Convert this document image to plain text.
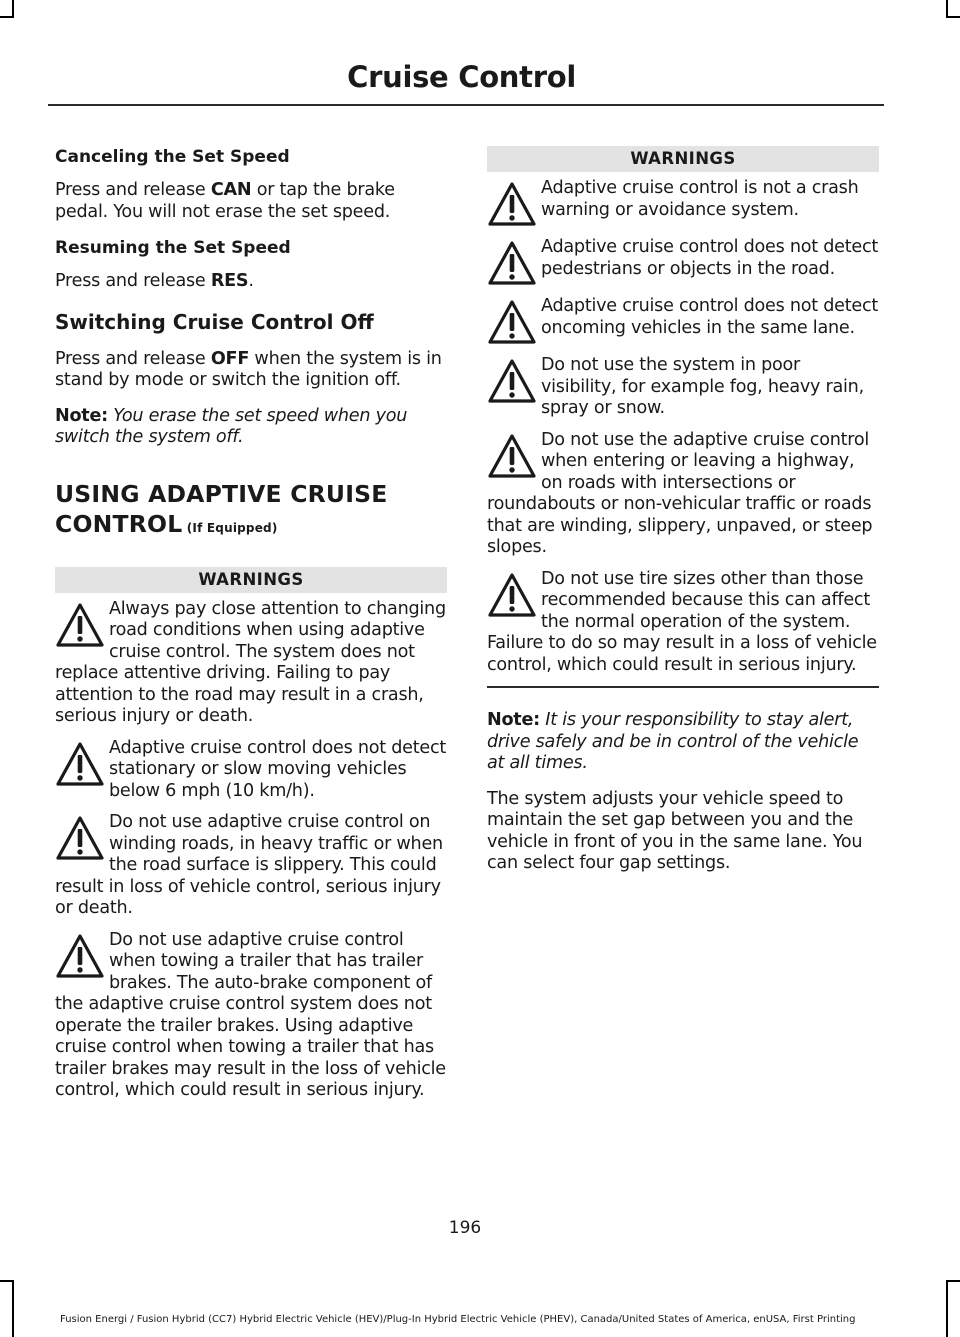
Cruise Control
Canceling the Set Speed

Press and release CAN or tap the brake pedal. You will not erase the set speed.

Resuming the Set Speed

Press and release RES.

Switching Cruise Control Off

Press and release OFF when the system is in stand by mode or switch the ignition off.

Note: You erase the set speed when you switch the system off.

USING ADAPTIVE CRUISE CONTROL (If Equipped)
WARNINGS
Always pay close attention to changing road conditions when using adaptive cruise control. The system does not replace attentive driving. Failing to pay attention to the road may result in a crash, serious injury or death.
Adaptive cruise control does not detect stationary or slow moving vehicles below 6 mph (10 km/h).
Do not use adaptive cruise control on winding roads, in heavy traffic or when the road surface is slippery. This could result in loss of vehicle control, serious injury or death.
Do not use adaptive cruise control when towing a trailer that has trailer brakes. The auto-brake component of the adaptive cruise control system does not operate the trailer brakes. Using adaptive cruise control when towing a trailer that has trailer brakes may result in the loss of vehicle control, which could result in serious injury.
WARNINGS
Adaptive cruise control is not a crash warning or avoidance system.
Adaptive cruise control does not detect pedestrians or objects in the road.
Adaptive cruise control does not detect oncoming vehicles in the same lane.
Do not use the system in poor visibility, for example fog, heavy rain, spray or snow.
Do not use the adaptive cruise control when entering or leaving a highway, on roads with intersections or roundabouts or non-vehicular traffic or roads that are winding, slippery, unpaved, or steep slopes.
Do not use tire sizes other than those recommended because this can affect the normal operation of the system. Failure to do so may result in a loss of vehicle control, which could result in serious injury.

Note: It is your responsibility to stay alert, drive safely and be in control of the vehicle at all times.

The system adjusts your vehicle speed to maintain the set gap between you and the vehicle in front of you in the same lane. You can select four gap settings.

196
Fusion Energi / Fusion Hybrid (CC7) Hybrid Electric Vehicle (HEV)/Plug-In Hybrid Electric Vehicle (PHEV), Canada/United States of America, enUSA, First Printing
